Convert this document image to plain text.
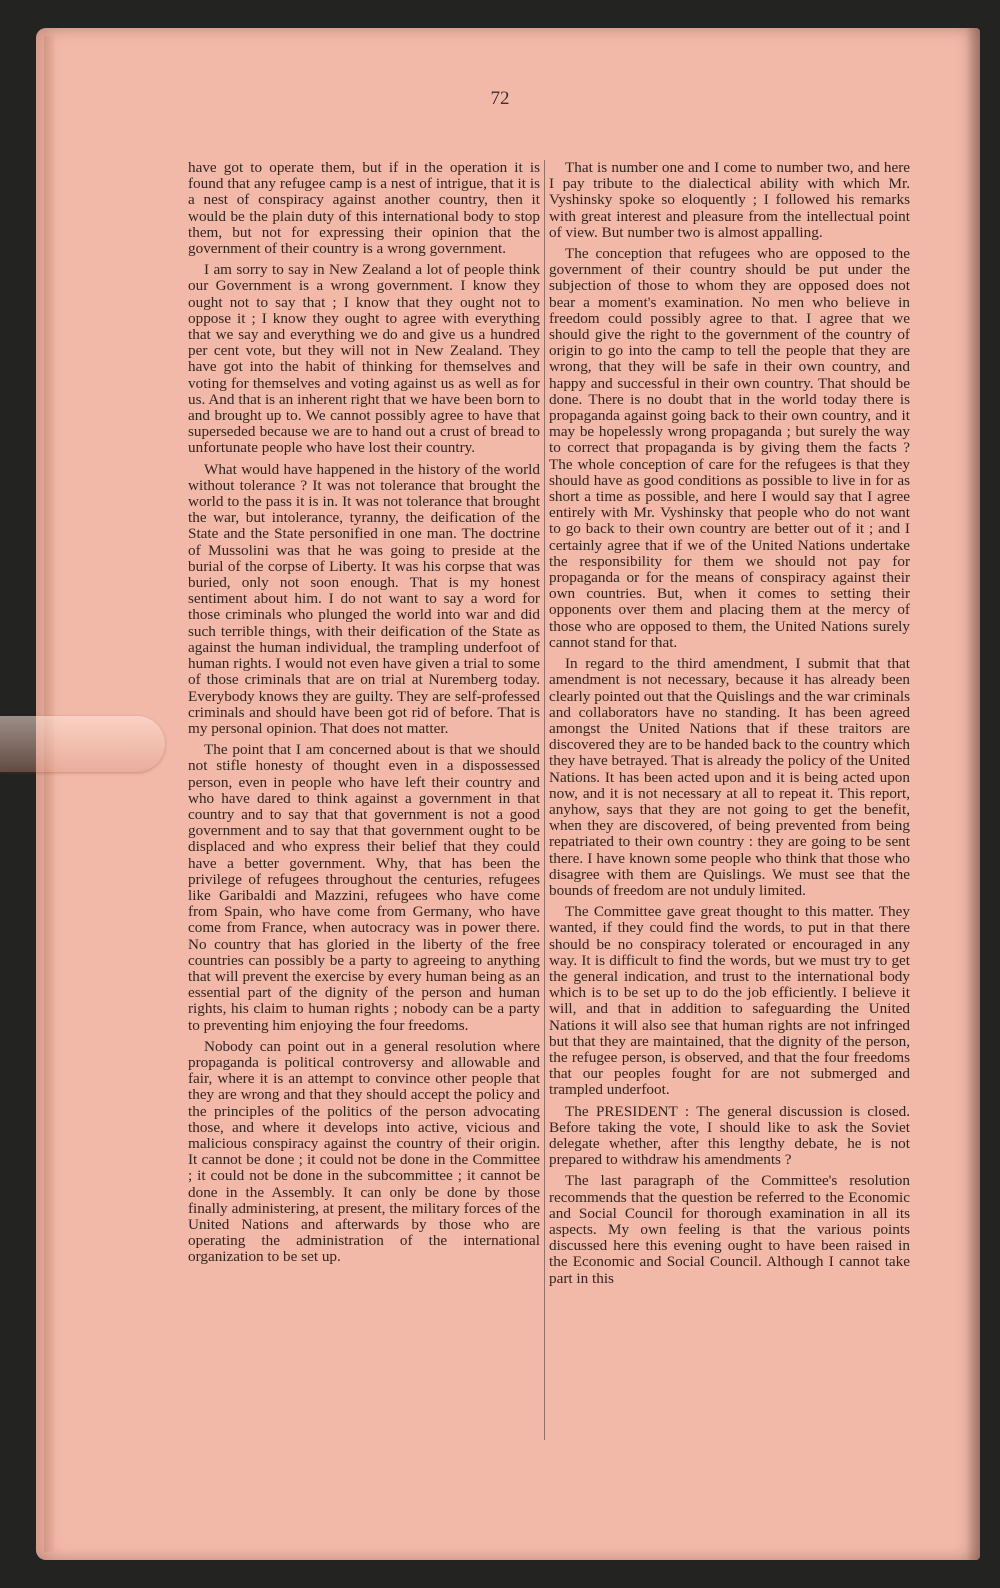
72

have got to operate them, but if in the operation it is found that any refugee camp is a nest of intrigue, that it is a nest of conspiracy against another country, then it would be the plain duty of this international body to stop them, but not for expressing their opinion that the government of their country is a wrong government.

I am sorry to say in New Zealand a lot of people think our Government is a wrong government. I know they ought not to say that ; I know that they ought not to oppose it ; I know they ought to agree with everything that we say and everything we do and give us a hundred per cent vote, but they will not in New Zealand. They have got into the habit of thinking for themselves and voting for themselves and voting against us as well as for us. And that is an inherent right that we have been born to and brought up to. We cannot possibly agree to have that superseded because we are to hand out a crust of bread to unfortunate people who have lost their country.

What would have happened in the history of the world without tolerance ? It was not tolerance that brought the world to the pass it is in. It was not tolerance that brought the war, but intolerance, tyranny, the deification of the State and the State personified in one man. The doctrine of Mussolini was that he was going to preside at the burial of the corpse of Liberty. It was his corpse that was buried, only not soon enough. That is my honest sentiment about him. I do not want to say a word for those criminals who plunged the world into war and did such terrible things, with their deification of the State as against the human individual, the trampling underfoot of human rights. I would not even have given a trial to some of those criminals that are on trial at Nuremberg today. Everybody knows they are guilty. They are self-professed criminals and should have been got rid of before. That is my personal opinion. That does not matter.

The point that I am concerned about is that we should not stifle honesty of thought even in a dispossessed person, even in people who have left their country and who have dared to think against a government in that country and to say that that government is not a good government and to say that that government ought to be displaced and who express their belief that they could have a better government. Why, that has been the privilege of refugees throughout the centuries, refugees like Garibaldi and Mazzini, refugees who have come from Spain, who have come from Germany, who have come from France, when autocracy was in power there. No country that has gloried in the liberty of the free countries can possibly be a party to agreeing to anything that will prevent the exercise by every human being as an essential part of the dignity of the person and human rights, his claim to human rights ; nobody can be a party to preventing him enjoying the four freedoms.

Nobody can point out in a general resolution where propaganda is political controversy and allowable and fair, where it is an attempt to convince other people that they are wrong and that they should accept the policy and the principles of the politics of the person advocating those, and where it develops into active, vicious and malicious conspiracy against the country of their origin. It cannot be done ; it could not be done in the Committee ; it could not be done in the subcommittee ; it cannot be done in the Assembly. It can only be done by those finally administering, at present, the military forces of the United Nations and afterwards by those who are operating the administration of the international organization to be set up.

That is number one and I come to number two, and here I pay tribute to the dialectical ability with which Mr. Vyshinsky spoke so eloquently ; I followed his remarks with great interest and pleasure from the intellectual point of view. But number two is almost appalling.

The conception that refugees who are opposed to the government of their country should be put under the subjection of those to whom they are opposed does not bear a moment's examination. No men who believe in freedom could possibly agree to that. I agree that we should give the right to the government of the country of origin to go into the camp to tell the people that they are wrong, that they will be safe in their own country, and happy and successful in their own country. That should be done. There is no doubt that in the world today there is propaganda against going back to their own country, and it may be hopelessly wrong propaganda ; but surely the way to correct that propaganda is by giving them the facts ? The whole conception of care for the refugees is that they should have as good conditions as possible to live in for as short a time as possible, and here I would say that I agree entirely with Mr. Vyshinsky that people who do not want to go back to their own country are better out of it ; and I certainly agree that if we of the United Nations undertake the responsibility for them we should not pay for propaganda or for the means of conspiracy against their own countries. But, when it comes to setting their opponents over them and placing them at the mercy of those who are opposed to them, the United Nations surely cannot stand for that.

In regard to the third amendment, I submit that that amendment is not necessary, because it has already been clearly pointed out that the Quislings and the war criminals and collaborators have no standing. It has been agreed amongst the United Nations that if these traitors are discovered they are to be handed back to the country which they have betrayed. That is already the policy of the United Nations. It has been acted upon and it is being acted upon now, and it is not necessary at all to repeat it. This report, anyhow, says that they are not going to get the benefit, when they are discovered, of being prevented from being repatriated to their own country : they are going to be sent there. I have known some people who think that those who disagree with them are Quislings. We must see that the bounds of freedom are not unduly limited.

The Committee gave great thought to this matter. They wanted, if they could find the words, to put in that there should be no conspiracy tolerated or encouraged in any way. It is difficult to find the words, but we must try to get the general indication, and trust to the international body which is to be set up to do the job efficiently. I believe it will, and that in addition to safeguarding the United Nations it will also see that human rights are not infringed but that they are maintained, that the dignity of the person, the refugee person, is observed, and that the four freedoms that our peoples fought for are not submerged and trampled underfoot.

The PRESIDENT : The general discussion is closed. Before taking the vote, I should like to ask the Soviet delegate whether, after this lengthy debate, he is not prepared to withdraw his amendments ?

The last paragraph of the Committee's resolution recommends that the question be referred to the Economic and Social Council for thorough examination in all its aspects. My own feeling is that the various points discussed here this evening ought to have been raised in the Economic and Social Council. Although I cannot take part in this
